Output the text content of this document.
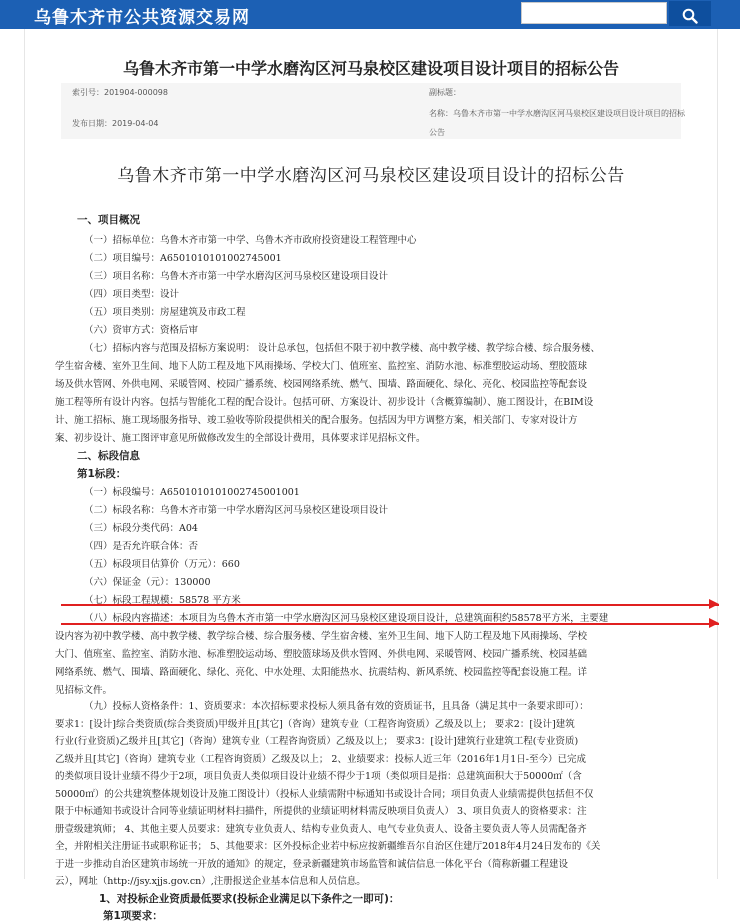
乌鲁木齐市公共资源交易网
乌鲁木齐市第一中学水磨沟区河马泉校区建设项目设计项目的招标公告
索引号：201904-000098	副标题：
名称：乌鲁木齐市第一中学水磨沟区河马泉校区建设项目设计项目的招标
公告
发布日期：2019-04-04
乌鲁木齐市第一中学水磨沟区河马泉校区建设项目设计的招标公告
一、项目概况
（一）招标单位：乌鲁木齐市第一中学、乌鲁木齐市政府投资建设工程管理中心
（二）项目编号：A6501010101002745001
（三）项目名称：乌鲁木齐市第一中学水磨沟区河马泉校区建设项目设计
（四）项目类型：设计
（五）项目类别：房屋建筑及市政工程
（六）资审方式：资格后审
（七）招标内容与范围及招标方案说明： 设计总承包，包括但不限于初中教学楼、高中教学楼、教学综合楼、综合服务楼、
学生宿舍楼、室外卫生间、地下人防工程及地下风雨操场、学校大门、值班室、监控室、消防水池、标准塑胶运动场、塑胶篮球
场及供水管网、外供电网、采暖管网、校园广播系统、校园网络系统、燃气、围墙、路面硬化、绿化、亮化、校园监控等配套设
施工程等所有设计内容。包括与智能化工程的配合设计。包括可研、方案设计、初步设计（含概算编制）、施工图设计，在BIM设
计、施工招标、施工现场服务指导、竣工验收等阶段提供相关的配合服务。包括因为甲方调整方案，相关部门、专家对设计方
案、初步设计、施工图评审意见所做修改发生的全部设计费用，具体要求详见招标文件。
二、标段信息
第1标段：
（一）标段编号：A6501010101002745001001
（二）标段名称：乌鲁木齐市第一中学水磨沟区河马泉校区建设项目设计
（三）标段分类代码：A04
（四）是否允许联合体：否
（五）标段项目估算价（万元）：660
（六）保证金（元）：130000
（七）标段工程规模：58578 平方米
（八）标段内容描述：本项目为乌鲁木齐市第一中学水磨沟区河马泉校区建设项目设计，总建筑面积约58578平方米，主要建
设内容为初中教学楼、高中教学楼、教学综合楼、综合服务楼、学生宿舍楼、室外卫生间、地下人防工程及地下风雨操场、学校
大门、值班室、监控室、消防水池、标准塑胶运动场、塑胶篮球场及供水管网、外供电网、采暖管网、校园广播系统、校园基础
网络系统、燃气、围墙、路面硬化、绿化、亮化、中水处理、太阳能热水、抗震结构、新风系统、校园监控等配套设施工程。详
见招标文件。
（九）投标人资格条件：1、资质要求：本次招标要求投标人须具备有效的资质证书，且具备（满足其中一条要求即可）：
要求1：[设计]综合类资质(综合类资质)甲级并且[其它]（咨询）建筑专业（工程咨询资质）乙级及以上； 要求2：[设计]建筑
行业(行业资质)乙级并且[其它]（咨询）建筑专业（工程咨询资质）乙级及以上； 要求3：[设计]建筑行业建筑工程(专业资质)
乙级并且[其它]（咨询）建筑专业（工程咨询资质）乙级及以上； 2、业绩要求：投标人近三年（2016年1月1日-至今）已完成
的类似项目设计业绩不得少于2项，项目负责人类似项目设计业绩不得少于1项（类似项目是指：总建筑面积大于50000㎡（含
50000㎡）的公共建筑整体规划设计及施工图设计）（投标人业绩需附中标通知书或设计合同；项目负责人业绩需提供包括但不仅
限于中标通知书或设计合同等业绩证明材料扫描件，所提供的业绩证明材料需反映项目负责人） 3、项目负责人的资格要求：注
册壹级建筑师； 4、其他主要人员要求：建筑专业负责人、结构专业负责人、电气专业负责人、设备主要负责人等人员需配备齐
全，并附相关注册证书或职称证书； 5、其他要求：区外投标企业若中标应按新疆维吾尔自治区住建厅2018年4月24日发布的《关
于进一步推动自治区建筑市场统一开放的通知》的规定，登录新疆建筑市场监管和诚信信息一体化平台（简称新疆工程建设
云），网址（http://jsy.xjjs.gov.cn）,注册报送企业基本信息和人员信息。
1、对投标企业资质最低要求(投标企业满足以下条件之一即可)：
第1项要求：
